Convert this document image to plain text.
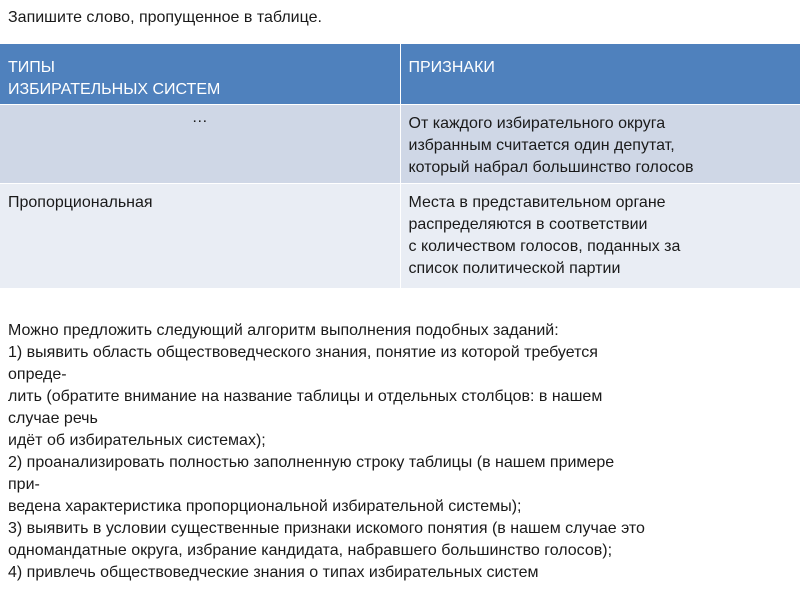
Запишите слово, пропущенное в таблице.
ТИПЫ
ИЗБИРАТЕЛЬНЫХ СИСТЕМ	ПРИЗНАКИ

…	От каждого избирательного округа
избранным считается один депутат,
который набрал большинство голосов

Пропорциональная	Места в представительном органе
распределяются в соответствии
с количеством голосов, поданных за
список политической партии
Можно предложить следующий алгоритм выполнения подобных заданий:
1) выявить область обществоведческого знания, понятие из которой требуется
опреде-
лить (обратите внимание на название таблицы и отдельных столбцов: в нашем
случае речь
идёт об избирательных системах);
2) проанализировать полностью заполненную строку таблицы (в нашем примере
при-
ведена характеристика пропорциональной избирательной системы);
3) выявить в условии существенные признаки искомого понятия (в нашем случае это
одномандатные округа, избрание кандидата, набравшего большинство голосов);
4) привлечь обществоведческие знания о типах избирательных систем
